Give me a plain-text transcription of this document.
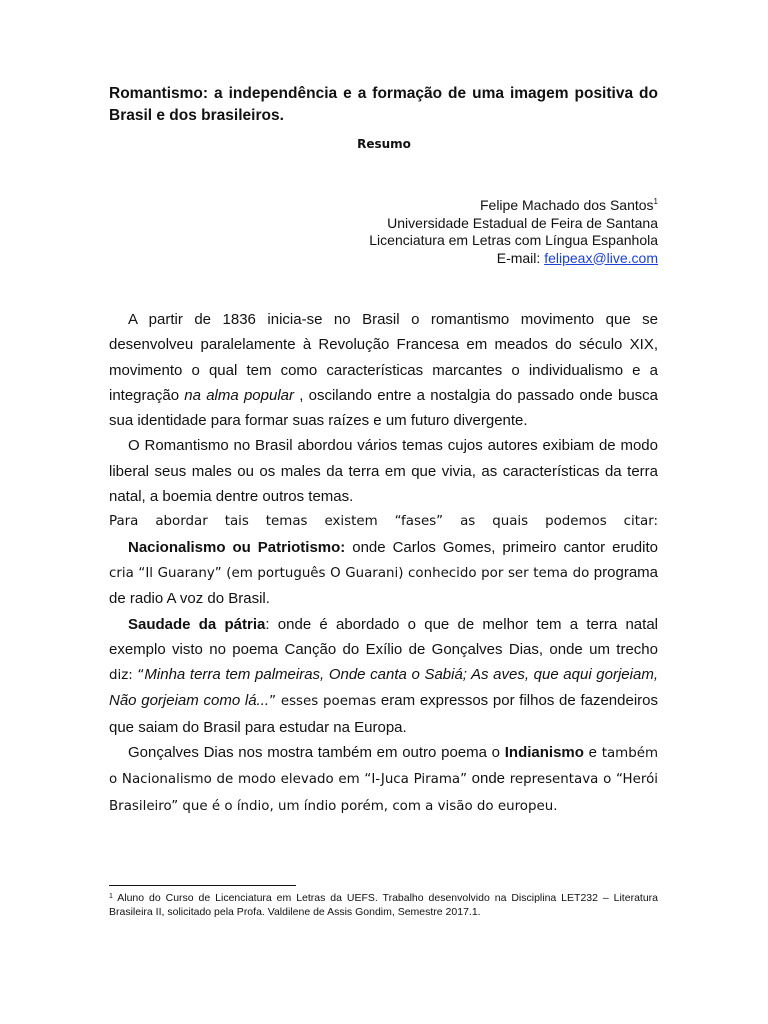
Romantismo: a independência e a formação de uma imagem positiva do Brasil e dos brasileiros.
Resumo
Felipe Machado dos Santos$^1$
Universidade Estadual de Feira de Santana
Licenciatura em Letras com Língua Espanhola
E-mail: felipeax@live.com

A partir de 1836 inicia-se no Brasil o romantismo movimento que se desenvolveu paralelamente à Revolução Francesa em meados do século XIX, movimento o qual tem como características marcantes o individualismo e a integração na alma popular , oscilando entre a nostalgia do passado onde busca sua identidade para formar suas raízes e um futuro divergente.

O Romantismo no Brasil abordou vários temas cujos autores exibiam de modo liberal seus males ou os males da terra em que vivia, as características da terra natal, a boemia dentre outros temas.

Para abordar tais temas existem “fases” as quais podemos citar:

Nacionalismo ou Patriotismo: onde Carlos Gomes, primeiro cantor erudito cria “Il Guarany” (em português O Guarani) conhecido por ser tema do programa de radio A voz do Brasil.

Saudade da pátria: onde é abordado o que de melhor tem a terra natal exemplo visto no poema Canção do Exílio de Gonçalves Dias, onde um trecho diz: “Minha terra tem palmeiras, Onde canta o Sabiá; As aves, que aqui gorjeiam, Não gorjeiam como lá...” esses poemas eram expressos por filhos de fazendeiros que saiam do Brasil para estudar na Europa.

Gonçalves Dias nos mostra também em outro poema o Indianismo e também o Nacionalismo de modo elevado em “I-Juca Pirama” onde representava o “Herói Brasileiro” que é o índio, um índio porém, com a visão do europeu.

$^1$ Aluno do Curso de Licenciatura em Letras da UEFS. Trabalho desenvolvido na Disciplina LET232 – Literatura Brasileira II, solicitado pela Profa. Valdilene de Assis Gondim, Semestre 2017.1.
